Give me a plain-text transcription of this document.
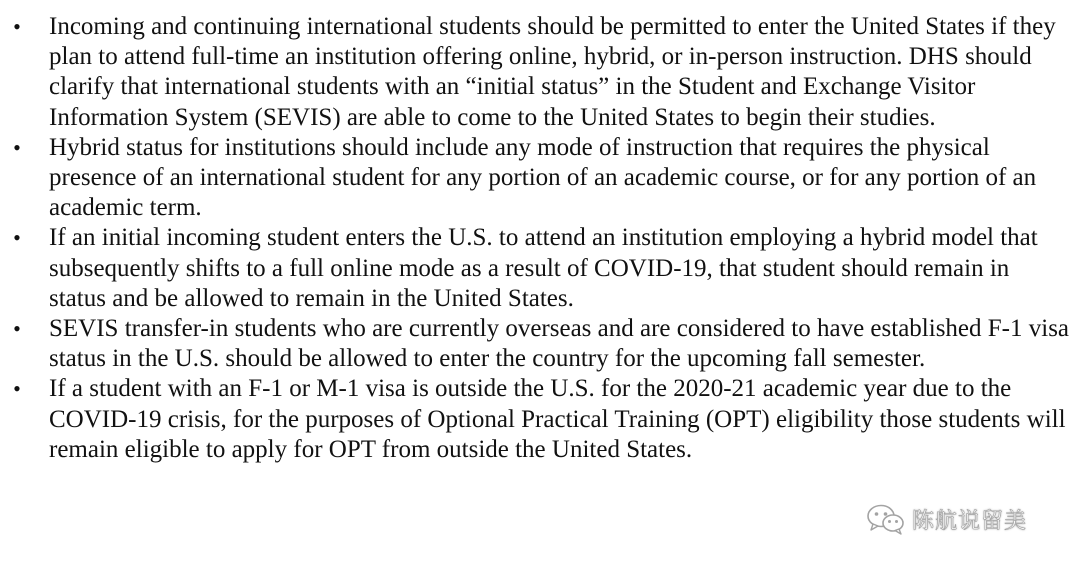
• Incoming and continuing international students should be permitted to enter the United States if they plan to attend full-time an institution offering online, hybrid, or in-person instruction. DHS should clarify that international students with an “initial status” in the Student and Exchange Visitor Information System (SEVIS) are able to come to the United States to begin their studies.
• Hybrid status for institutions should include any mode of instruction that requires the physical presence of an international student for any portion of an academic course, or for any portion of an academic term.
• If an initial incoming student enters the U.S. to attend an institution employing a hybrid model that subsequently shifts to a full online mode as a result of COVID-19, that student should remain in status and be allowed to remain in the United States.
• SEVIS transfer-in students who are currently overseas and are considered to have established F-1 visa status in the U.S. should be allowed to enter the country for the upcoming fall semester.
• If a student with an F-1 or M-1 visa is outside the U.S. for the 2020-21 academic year due to the COVID-19 crisis, for the purposes of Optional Practical Training (OPT) eligibility those students will remain eligible to apply for OPT from outside the United States.
陈航说留美
